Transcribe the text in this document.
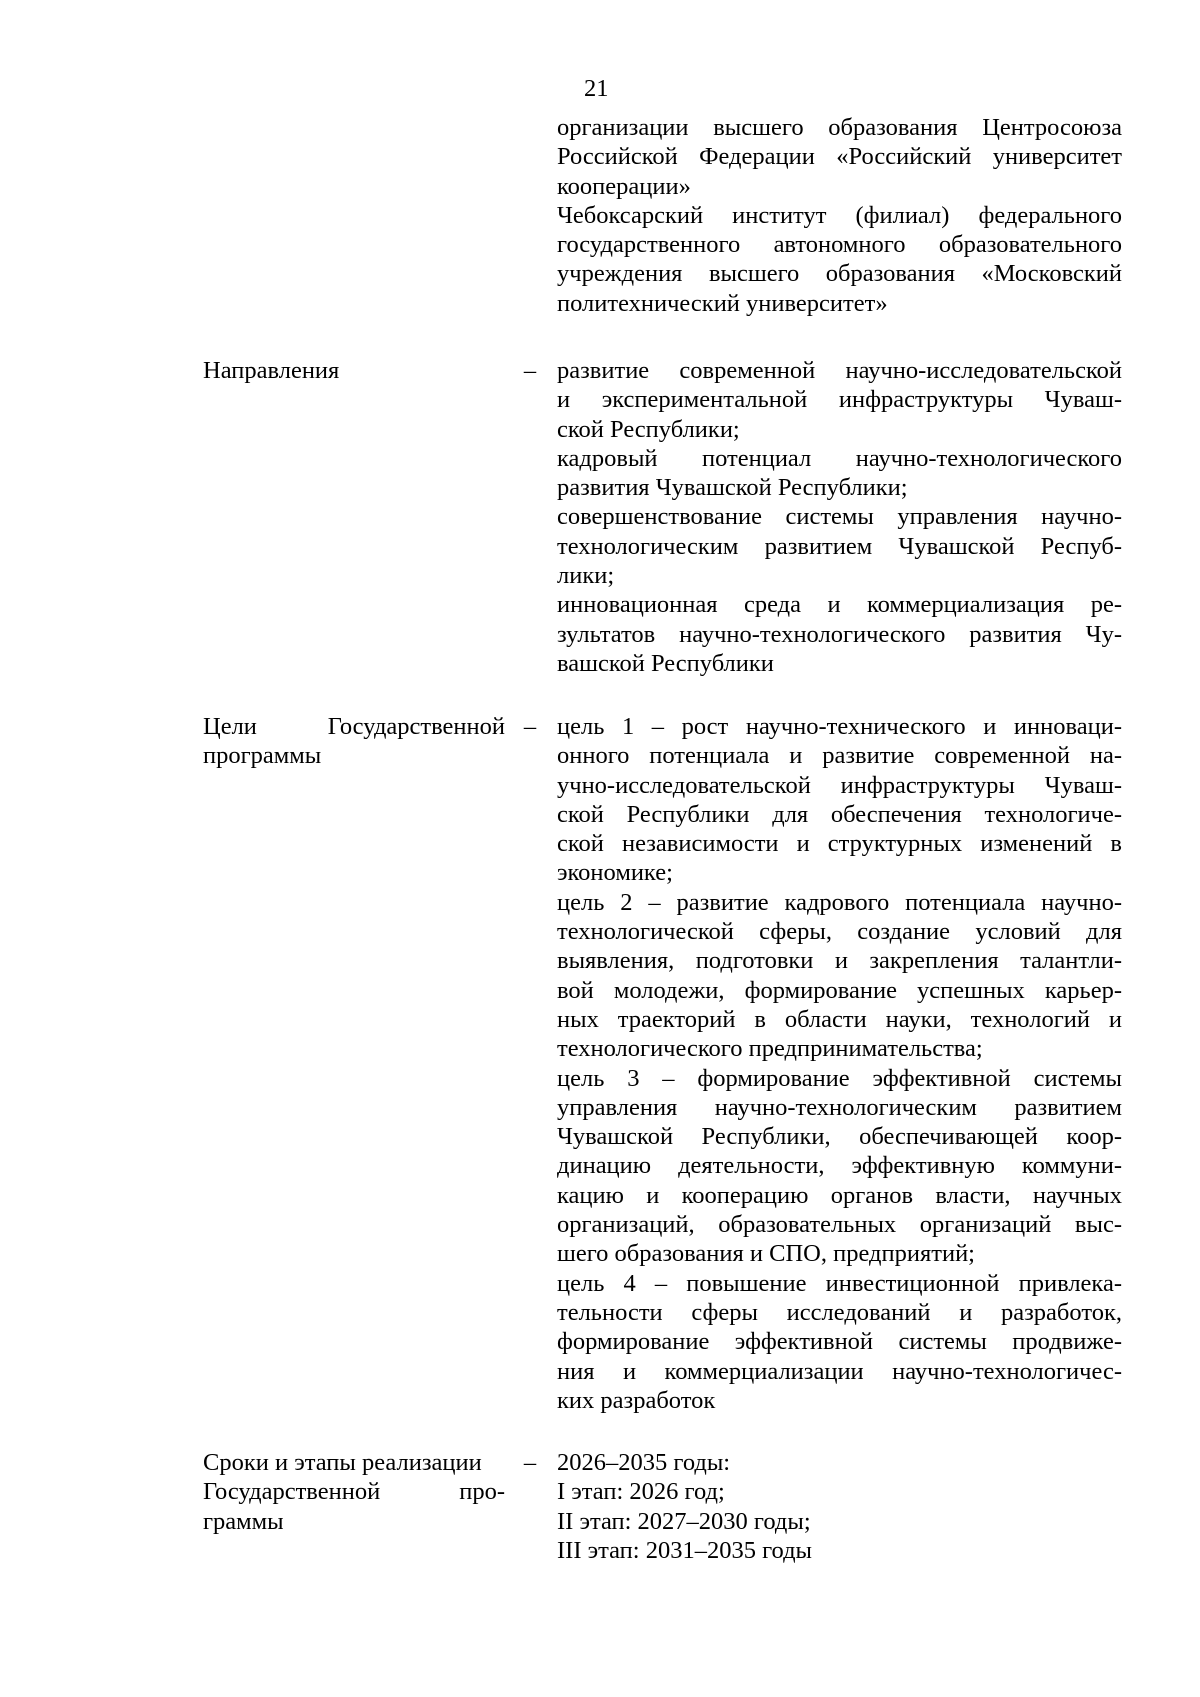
21
организации высшего образования Центросоюза
Российской Федерации «Российский университет
кооперации»
Чебоксарский институт (филиал) федерального
государственного автономного образовательного
учреждения высшего образования «Московский
политехнический университет»
Направления	– развитие современной научно-исследовательской
и экспериментальной инфраструктуры Чуваш-
ской Республики;
кадровый потенциал научно-технологического
развития Чувашской Республики;
совершенствование системы управления научно-
технологическим развитием Чувашской Респуб-
лики;
инновационная среда и коммерциализация ре-
зультатов научно-технологического развития Чу-
вашской Республики
Цели Государственной
программы
– цель 1 – рост научно-технического и инноваци-
онного потенциала и развитие современной на-
учно-исследовательской инфраструктуры Чуваш-
ской Республики для обеспечения технологиче-
ской независимости и структурных изменений в
экономике;
цель 2 – развитие кадрового потенциала научно-
технологической сферы, создание условий для
выявления, подготовки и закрепления талантли-
вой молодежи, формирование успешных карьер-
ных траекторий в области науки, технологий и
технологического предпринимательства;
цель 3 – формирование эффективной системы
управления научно-технологическим развитием
Чувашской Республики, обеспечивающей коор-
динацию деятельности, эффективную коммуни-
кацию и кооперацию органов власти, научных
организаций, образовательных организаций выс-
шего образования и СПО, предприятий;
цель 4 – повышение инвестиционной привлека-
тельности сферы исследований и разработок,
формирование эффективной системы продвиже-
ния и коммерциализации научно-технологичес-
ких разработок
Сроки и этапы реализации
Государственной про-
граммы
– 2026–2035 годы:
I этап: 2026 год;
II этап: 2027–2030 годы;
III этап: 2031–2035 годы
